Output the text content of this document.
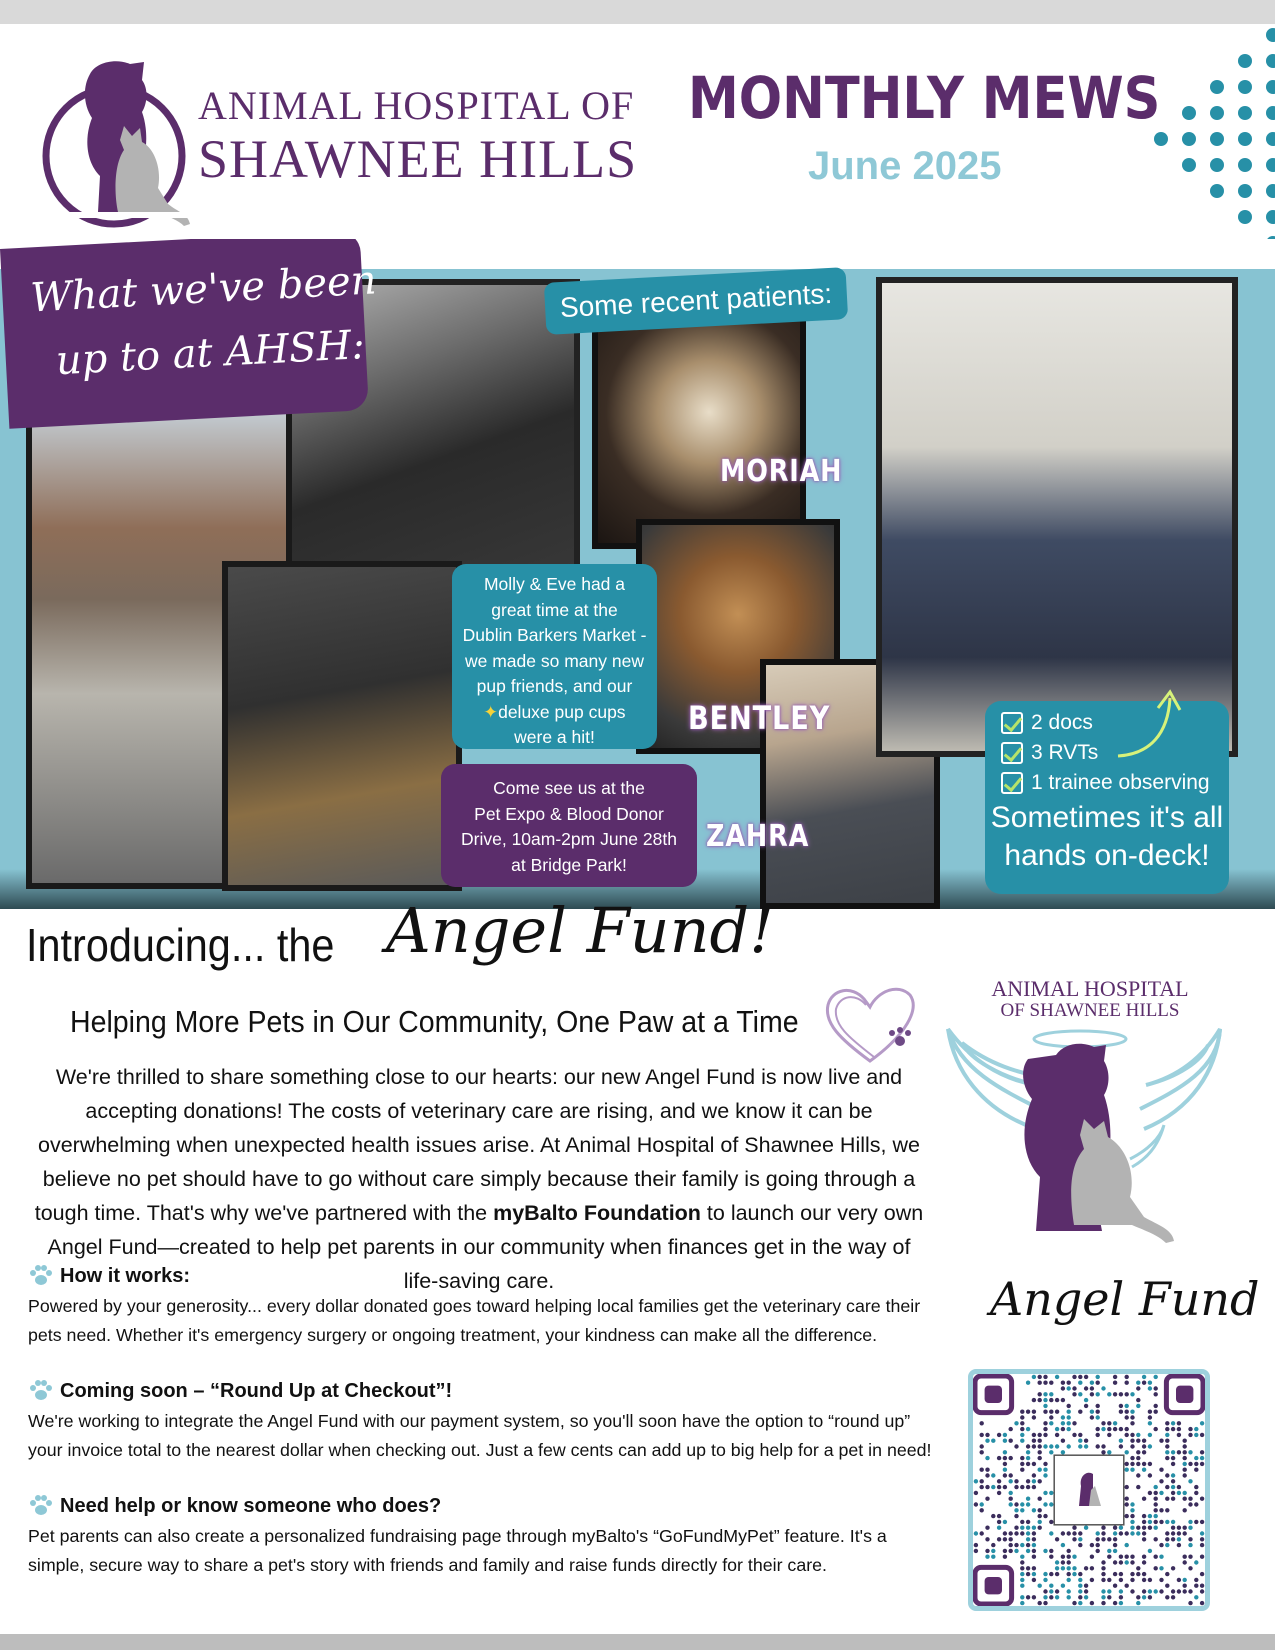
ANIMAL HOSPITAL OF
SHAWNEE HILLS
MONTHLY MEWS
June 2025
What we've been
up to at AHSH:
Some recent patients:
MORIAH
BENTLEY
ZAHRA
Molly & Eve had a
great time at the
Dublin Barkers Market -
we made so many new
pup friends, and our
✦deluxe pup cups
were a hit!
Come see us at the
Pet Expo & Blood Donor
Drive, 10am-2pm June 28th
at Bridge Park!
2 docs
3 RVTs
1 trainee observing
Sometimes it's all
hands on-deck!
Introducing... the Angel Fund!
Helping More Pets in Our Community, One Paw at a Time
We're thrilled to share something close to our hearts: our new Angel Fund is now live and accepting donations! The costs of veterinary care are rising, and we know it can be overwhelming when unexpected health issues arise. At Animal Hospital of Shawnee Hills, we believe no pet should have to go without care simply because their family is going through a tough time. That's why we've partnered with the myBalto Foundation to launch our very own Angel Fund—created to help pet parents in our community when finances get in the way of life-saving care.
How it works:

Powered by your generosity... every dollar donated goes toward helping local families get the veterinary care their pets need. Whether it's emergency surgery or ongoing treatment, your kindness can make all the difference.

Coming soon – “Round Up at Checkout”!

We're working to integrate the Angel Fund with our payment system, so you'll soon have the option to “round up” your invoice total to the nearest dollar when checking out. Just a few cents can add up to big help for a pet in need!

Need help or know someone who does?

Pet parents can also create a personalized fundraising page through myBalto's “GoFundMyPet” feature. It's a simple, secure way to share a pet's story with friends and family and raise funds directly for their care.

ANIMAL HOSPITAL
OF SHAWNEE HILLS
Angel Fund
